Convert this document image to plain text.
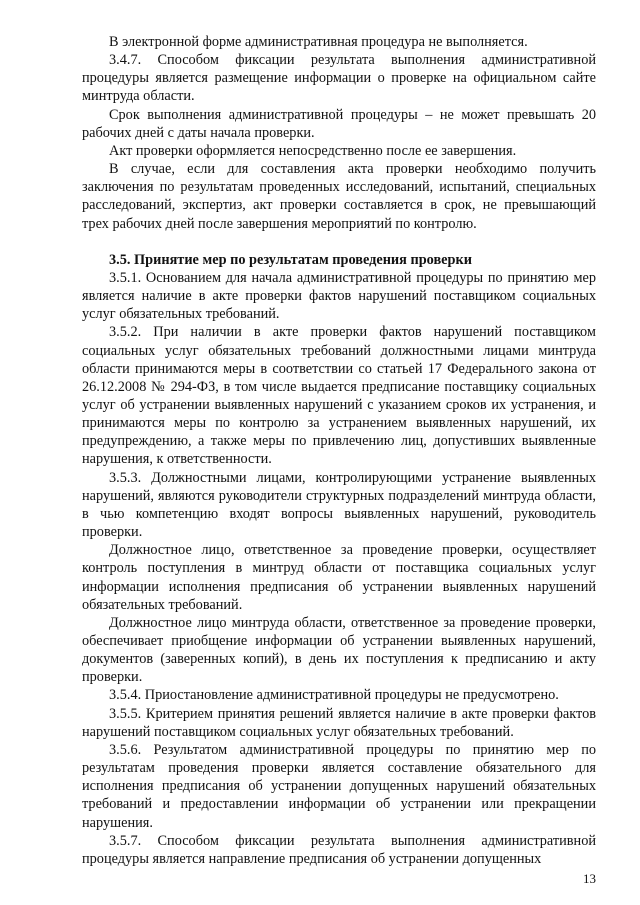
В электронной форме административная процедура не выполняется.

3.4.7. Способом фиксации результата выполнения административной процедуры является размещение информации о проверке на официальном сайте минтруда области.

Срок выполнения административной процедуры – не может превышать 20 рабочих дней с даты начала проверки.

Акт проверки оформляется непосредственно после ее завершения.

В случае, если для составления акта проверки необходимо получить заключения по результатам проведенных исследований, испытаний, специальных расследований, экспертиз, акт проверки составляется в срок, не превышающий трех рабочих дней после завершения мероприятий по контролю.

3.5. Принятие мер по результатам проведения проверки

3.5.1. Основанием для начала административной процедуры по принятию мер является наличие в акте проверки фактов нарушений поставщиком социальных услуг обязательных требований.

3.5.2. При наличии в акте проверки фактов нарушений поставщиком социальных услуг обязательных требований должностными лицами минтруда области принимаются меры в соответствии со статьей 17 Федерального закона от 26.12.2008 № 294-ФЗ, в том числе выдается предписание поставщику социальных услуг об устранении выявленных нарушений с указанием сроков их устранения, и принимаются меры по контролю за устранением выявленных нарушений, их предупреждению, а также меры по привлечению лиц, допустивших выявленные нарушения, к ответственности.

3.5.3. Должностными лицами, контролирующими устранение выявленных нарушений, являются руководители структурных подразделений минтруда области, в чью компетенцию входят вопросы выявленных нарушений, руководитель проверки.

Должностное лицо, ответственное за проведение проверки, осуществляет контроль поступления в минтруд области от поставщика социальных услуг информации исполнения предписания об устранении выявленных нарушений обязательных требований.

Должностное лицо минтруда области, ответственное за проведение проверки, обеспечивает приобщение информации об устранении выявленных нарушений, документов (заверенных копий), в день их поступления к предписанию и акту проверки.

3.5.4. Приостановление административной процедуры не предусмотрено.

3.5.5. Критерием принятия решений является наличие в акте проверки фактов нарушений поставщиком социальных услуг обязательных требований.

3.5.6. Результатом административной процедуры по принятию мер по результатам проведения проверки является составление обязательного для исполнения предписания об устранении допущенных нарушений обязательных требований и предоставлении информации об устранении или прекращении нарушения.

3.5.7. Способом фиксации результата выполнения административной процедуры является направление предписания об устранении допущенных

13
